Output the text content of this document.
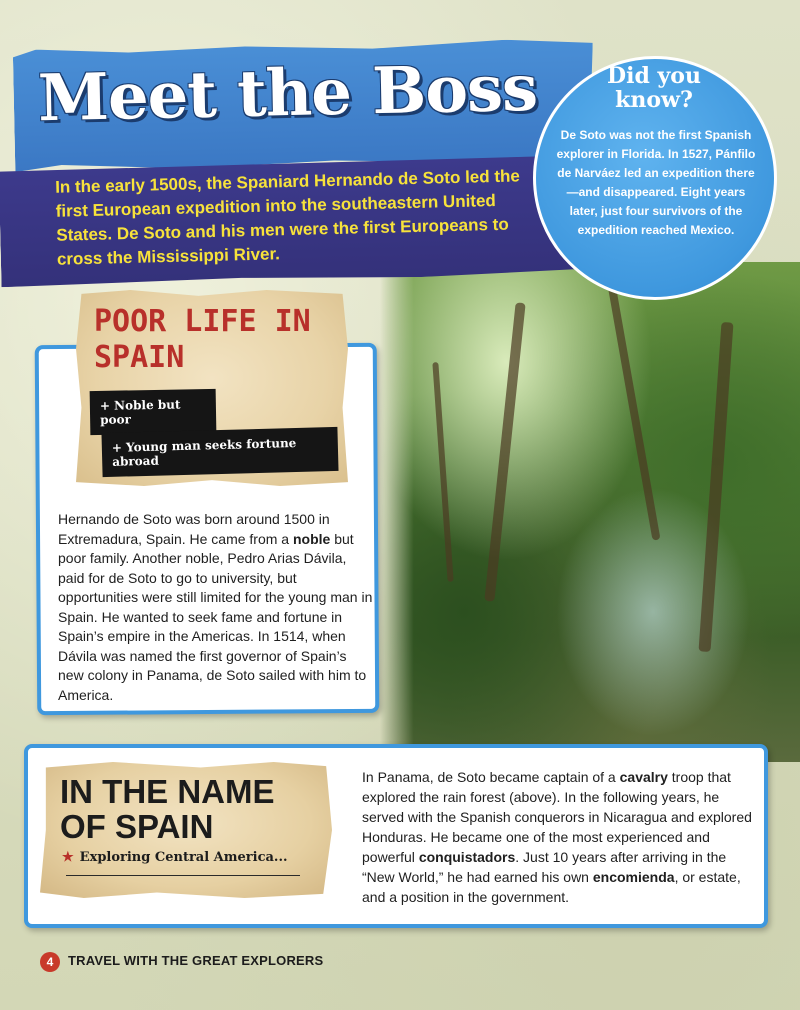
Meet the Boss

In the early 1500s, the Spaniard Hernando de Soto led the first European expedition into the southeastern United States. De Soto and his men were the first Europeans to cross the Mississippi River.

Did you know?

De Soto was not the first Spanish explorer in Florida. In 1527, Pánfilo de Narváez led an expedition there—and disappeared. Eight years later, just four survivors of the expedition reached Mexico.

POOR LIFE IN SPAIN
+ Noble but poor
+ Young man seeks fortune abroad

Hernando de Soto was born around 1500 in Extremadura, Spain. He came from a noble but poor family. Another noble, Pedro Arias Dávila, paid for de Soto to go to university, but opportunities were still limited for the young man in Spain. He wanted to seek fame and fortune in Spain’s empire in the Americas. In 1514, when Dávila was named the first governor of Spain’s new colony in Panama, de Soto sailed with him to America.

IN THE NAME
OF SPAIN

★ Exploring Central America...

In Panama, de Soto became captain of a cavalry troop that explored the rain forest (above). In the following years, he served with the Spanish conquerors in Nicaragua and explored Honduras. He became one of the most experienced and powerful conquistadors. Just 10 years after arriving in the “New World,” he had earned his own encomienda, or estate, and a position in the government.

4	TRAVEL WITH THE GREAT EXPLORERS
